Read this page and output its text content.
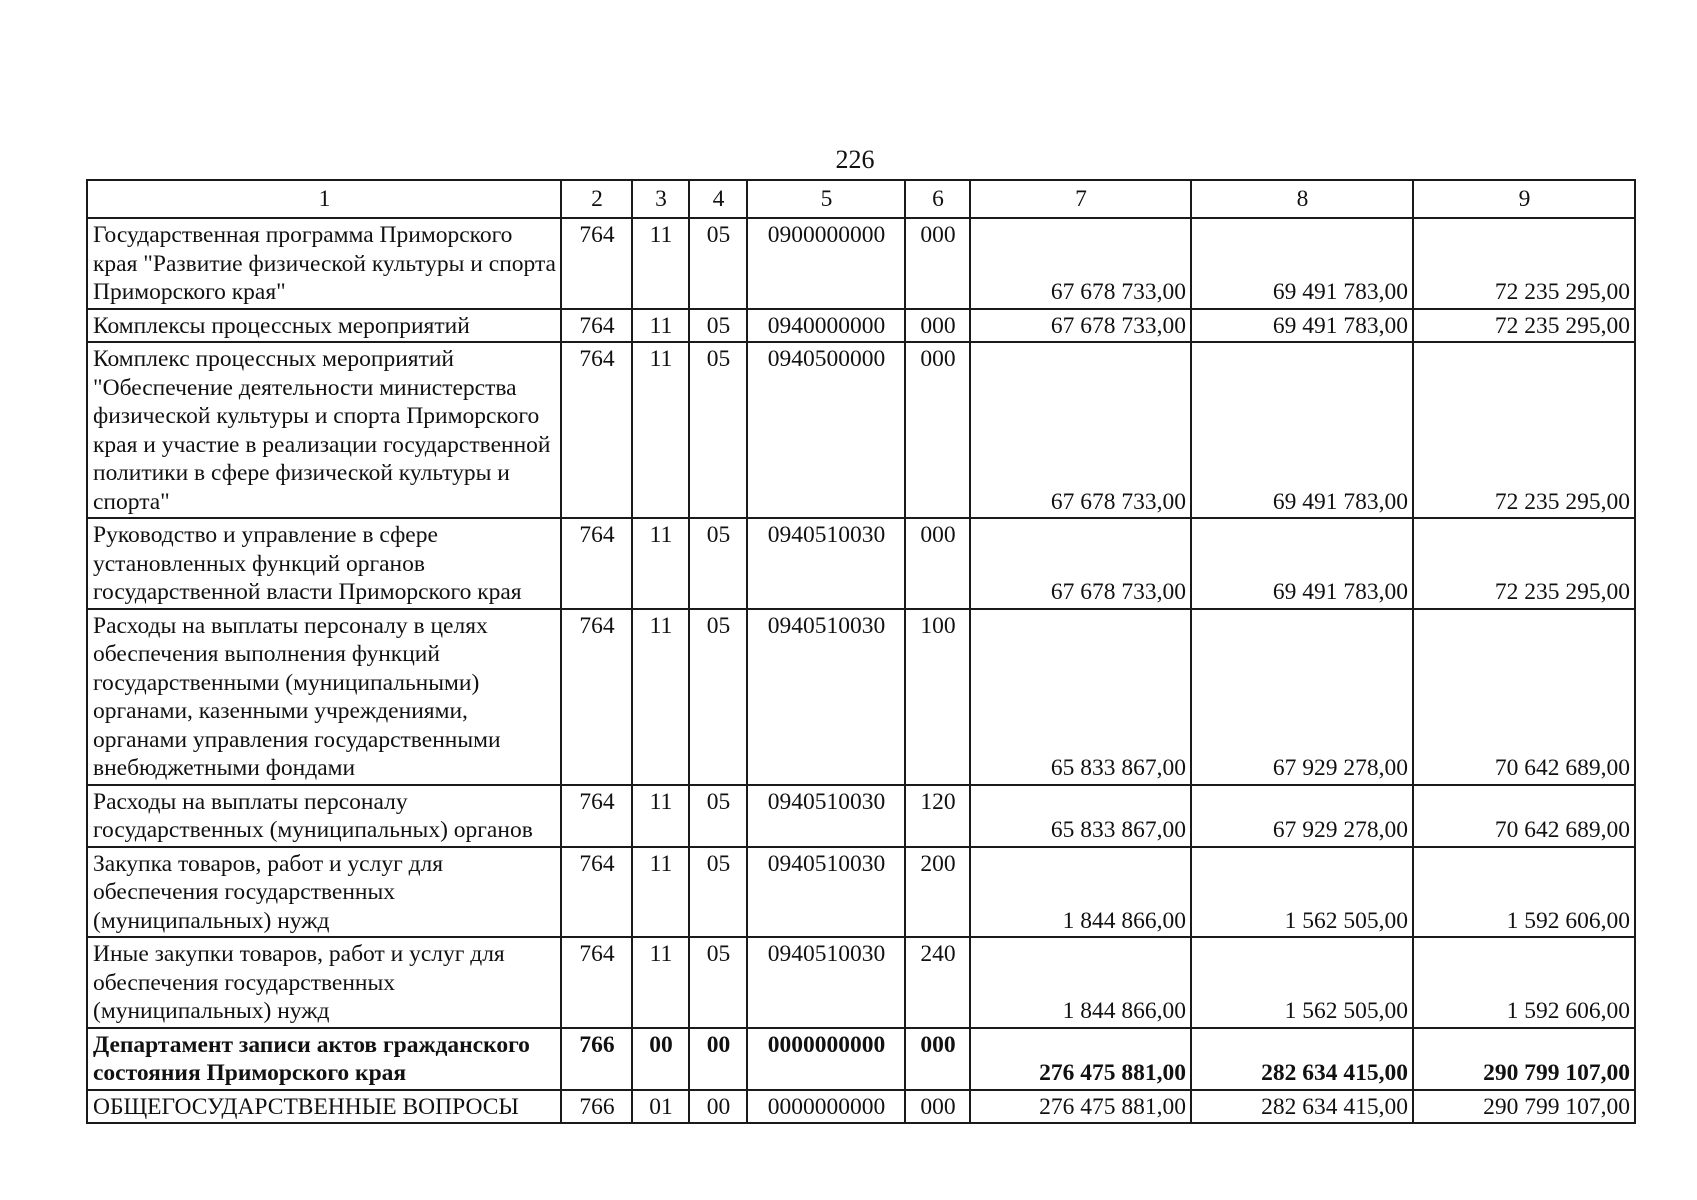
226
1	2	3	4	5	6	7	8	9
Государственная программа Приморского края "Развитие физической культуры и спорта Приморского края"	764	11	05	0900000000	000	67 678 733,00	69 491 783,00	72 235 295,00
Комплексы процессных мероприятий	764	11	05	0940000000	000	67 678 733,00	69 491 783,00	72 235 295,00
Комплекс процессных мероприятий "Обеспечение деятельности министерства физической культуры и спорта Приморского края и участие в реализации государственной политики в сфере физической культуры и спорта"	764	11	05	0940500000	000	67 678 733,00	69 491 783,00	72 235 295,00
Руководство и управление в сфере установленных функций органов государственной власти Приморского края	764	11	05	0940510030	000	67 678 733,00	69 491 783,00	72 235 295,00
Расходы на выплаты персоналу в целях обеспечения выполнения функций государственными (муниципальными) органами, казенными учреждениями, органами управления государственными внебюджетными фондами	764	11	05	0940510030	100	65 833 867,00	67 929 278,00	70 642 689,00
Расходы на выплаты персоналу государственных (муниципальных) органов	764	11	05	0940510030	120	65 833 867,00	67 929 278,00	70 642 689,00
Закупка товаров, работ и услуг для обеспечения государственных (муниципальных) нужд	764	11	05	0940510030	200	1 844 866,00	1 562 505,00	1 592 606,00
Иные закупки товаров, работ и услуг для обеспечения государственных (муниципальных) нужд	764	11	05	0940510030	240	1 844 866,00	1 562 505,00	1 592 606,00
Департамент записи актов гражданского состояния Приморского края	766	00	00	0000000000	000	276 475 881,00	282 634 415,00	290 799 107,00
ОБЩЕГОСУДАРСТВЕННЫЕ ВОПРОСЫ	766	01	00	0000000000	000	276 475 881,00	282 634 415,00	290 799 107,00
